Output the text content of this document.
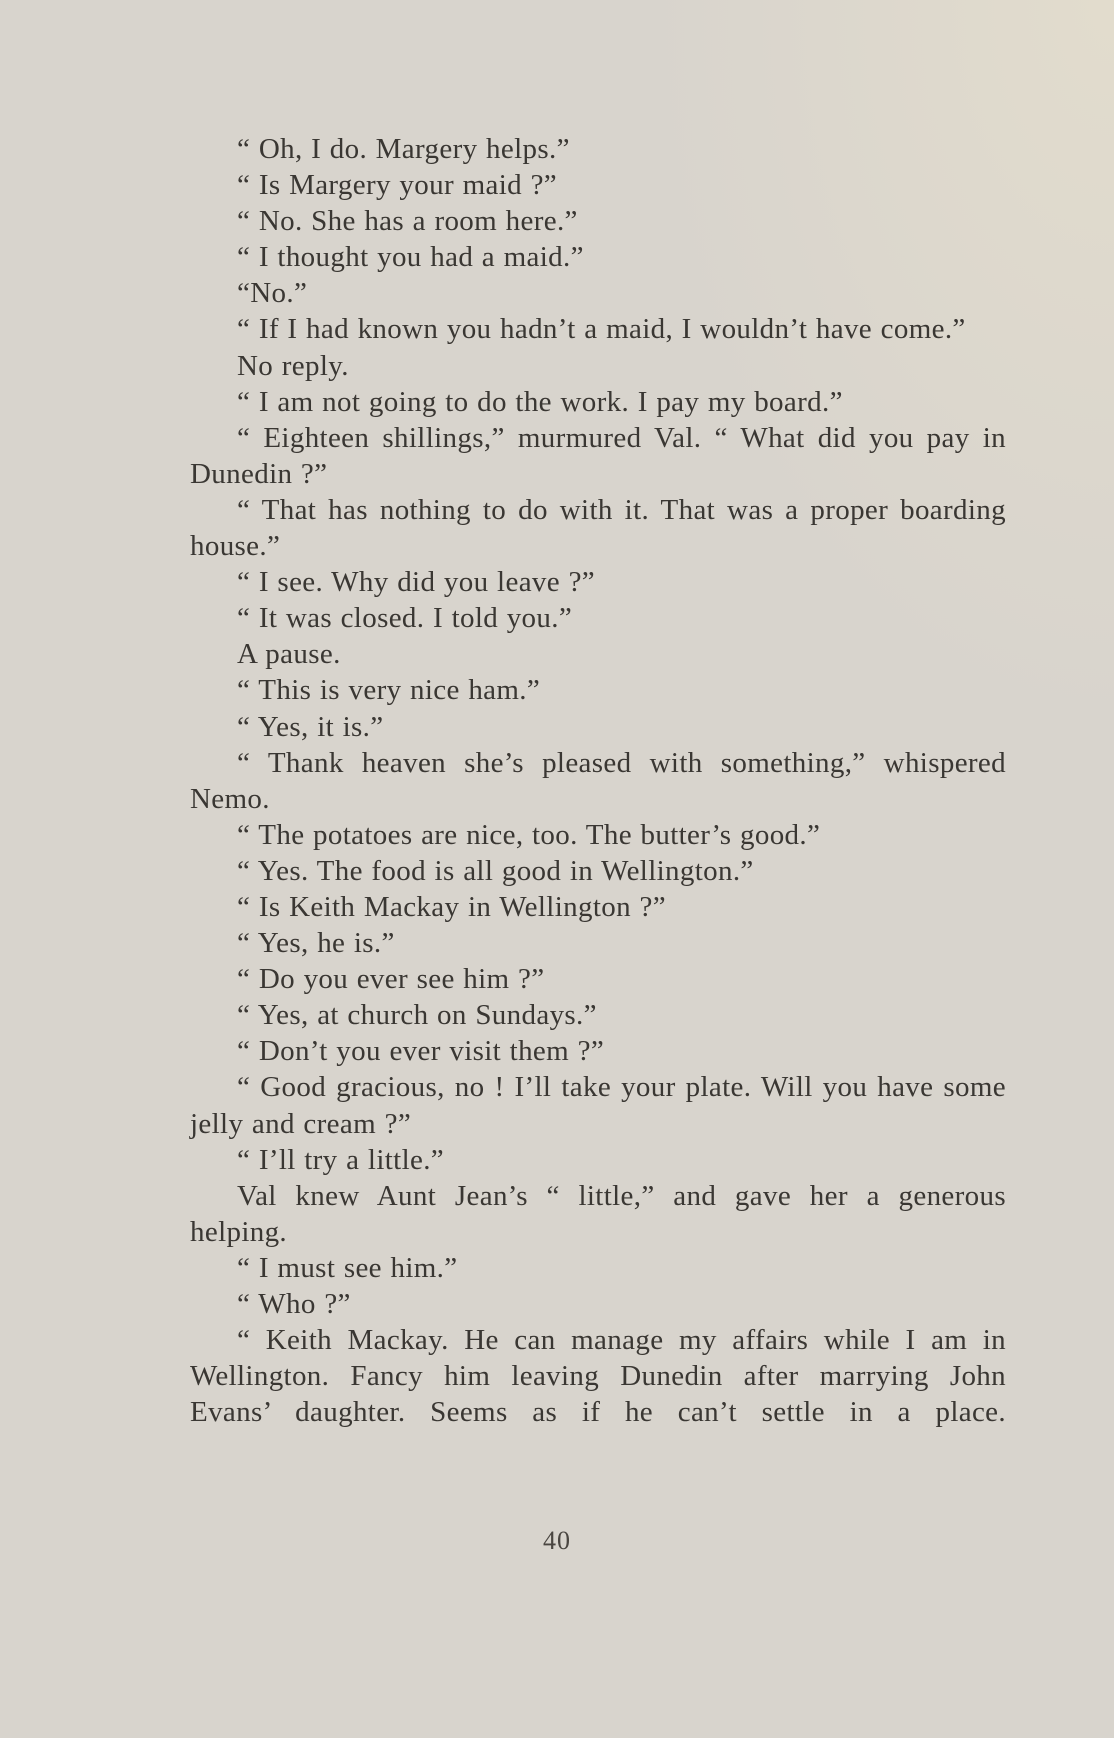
“ Oh, I do. Margery helps.”

“ Is Margery your maid ?”

“ No. She has a room here.”

“ I thought you had a maid.”

“No.”

“ If I had known you hadn’t a maid, I wouldn’t have come.”

No reply.

“ I am not going to do the work. I pay my board.”

“ Eighteen shillings,” murmured Val. “ What did you pay in Dunedin ?”

“ That has nothing to do with it. That was a proper boarding house.”

“ I see. Why did you leave ?”

“ It was closed. I told you.”

A pause.

“ This is very nice ham.”

“ Yes, it is.”

“ Thank heaven she’s pleased with something,” whispered Nemo.

“ The potatoes are nice, too. The butter’s good.”

“ Yes. The food is all good in Wellington.”

“ Is Keith Mackay in Wellington ?”

“ Yes, he is.”

“ Do you ever see him ?”

“ Yes, at church on Sundays.”

“ Don’t you ever visit them ?”

“ Good gracious, no ! I’ll take your plate. Will you have some jelly and cream ?”

“ I’ll try a little.”

Val knew Aunt Jean’s “ little,” and gave her a generous helping.

“ I must see him.”

“ Who ?”

“ Keith Mackay. He can manage my affairs while I am in Wellington. Fancy him leaving Dunedin after marrying John Evans’ daughter. Seems as if he can’t settle in a place.

40
